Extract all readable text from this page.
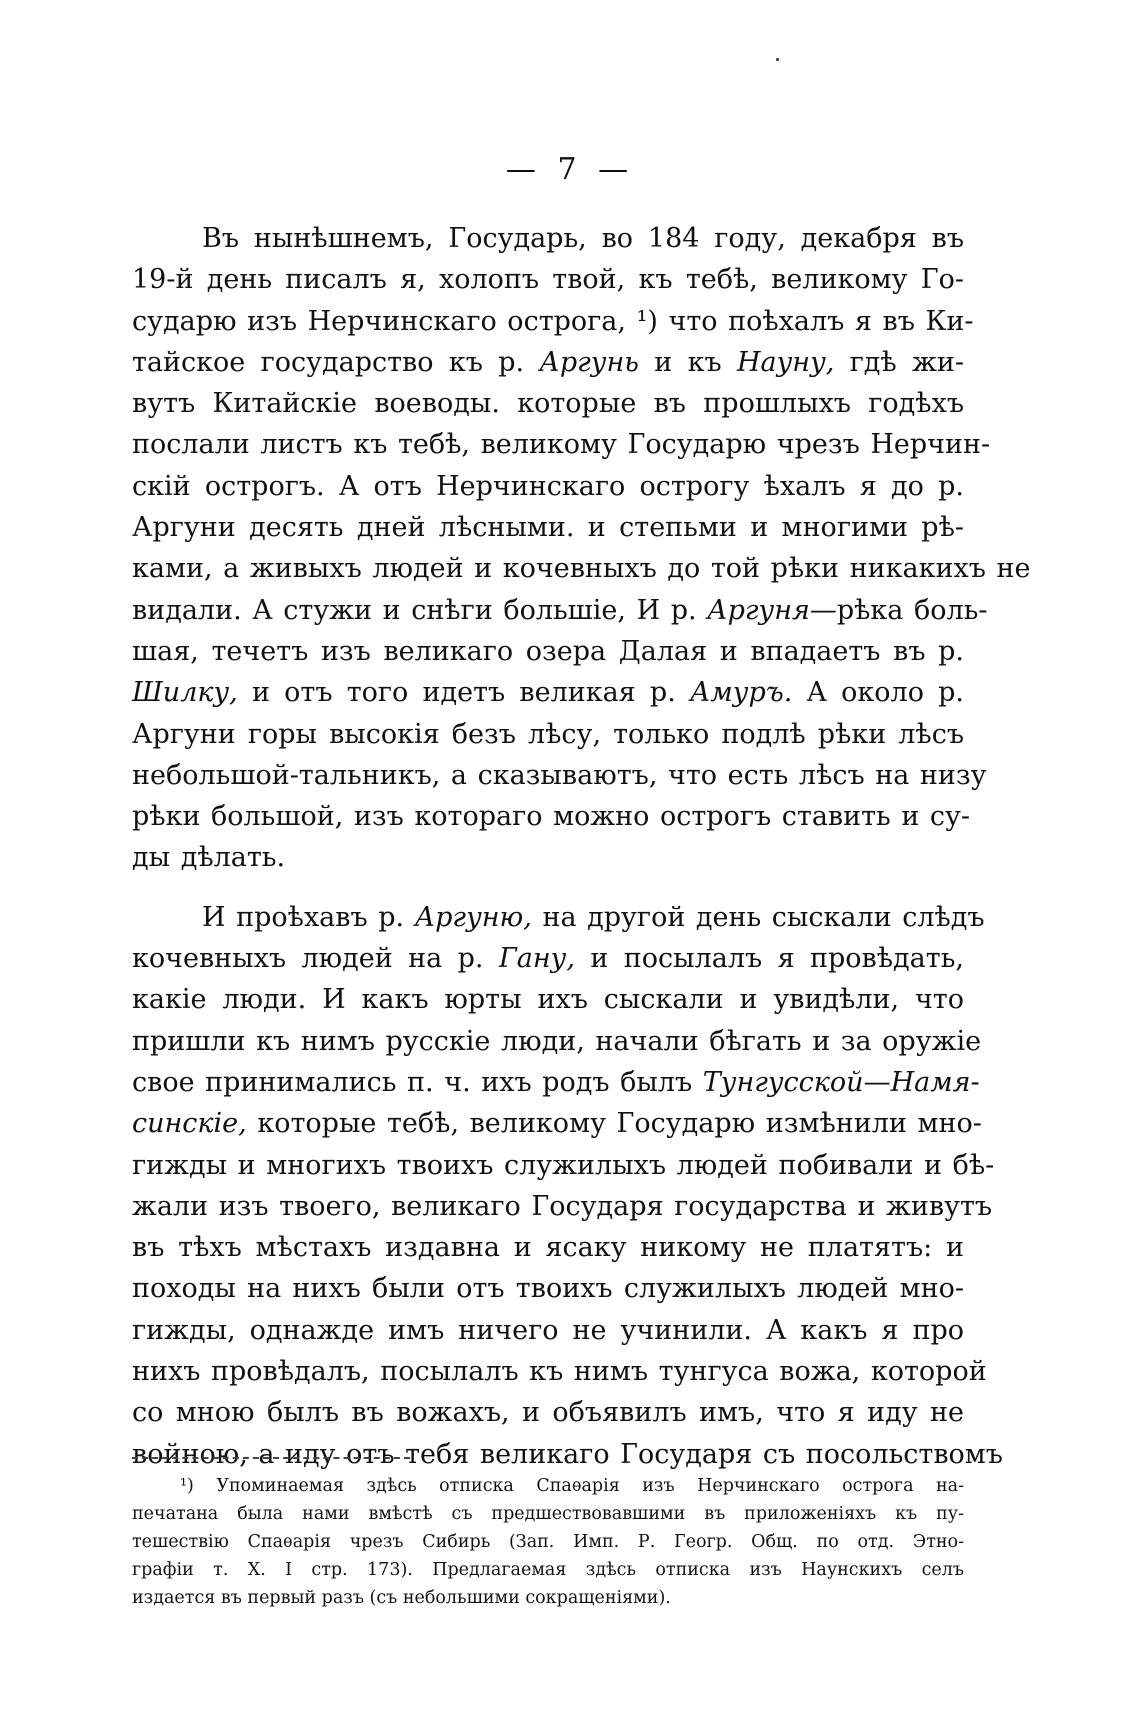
— 7 —
Въ нынѣшнемъ, Государь, во 184 году, декабря въ
19-й день писалъ я, холопъ твой, къ тебѣ, великому Го-
сударю изъ Нерчинскаго острога, ¹) что поѣхалъ я въ Ки-
тайское государство къ р. Аргунь и къ Науну, гдѣ жи-
вутъ Китайскіе воеводы. которые въ прошлыхъ годѣхъ
послали листъ къ тебѣ, великому Государю чрезъ Нерчин-
скій острогъ. А отъ Нерчинскаго острогу ѣхалъ я до р.
Аргуни десять дней лѣсными. и степьми и многими рѣ-
ками, а живыхъ людей и кочевныхъ до той рѣки никакихъ не
видали. А стужи и снѣги большіе, И р. Аргуня—рѣка боль-
шая, течетъ изъ великаго озера Далая и впадаетъ въ р.
Шилку, и отъ того идетъ великая р. Амуръ. А около р.
Аргуни горы высокія безъ лѣсу, только подлѣ рѣки лѣсъ
небольшой-тальникъ, а сказываютъ, что есть лѣсъ на низу
рѣки большой, изъ котораго можно острогъ ставить и су-
ды дѣлать.
И проѣхавъ р. Аргуню, на другой день сыскали слѣдъ
кочевныхъ людей на р. Гану, и посылалъ я провѣдать,
какіе люди. И какъ юрты ихъ сыскали и увидѣли, что
пришли къ нимъ русскіе люди, начали бѣгать и за оружіе
свое принимались п. ч. ихъ родъ былъ Тунгусской—Намя-
синскіе, которые тебѣ, великому Государю измѣнили мно-
гижды и многихъ твоихъ служилыхъ людей побивали и бѣ-
жали изъ твоего, великаго Государя государства и живутъ
въ тѣхъ мѣстахъ издавна и ясаку никому не платятъ: и
походы на нихъ были отъ твоихъ служилыхъ людей мно-
гижды, однажде имъ ничего не учинили. А какъ я про
нихъ провѣдалъ, посылалъ къ нимъ тунгуса вожа, которой
со мною былъ въ вожахъ, и объявилъ имъ, что я иду не
войною, а иду отъ тебя великаго Государя съ посольствомъ
¹) Упоминаемая здѣсь отписка Спаѳарія изъ Нерчинскаго острога на-
печатана была нами вмѣстѣ съ предшествовавшими въ приложеніяхъ къ пу-
тешествію Спаѳарія чрезъ Сибирь (Зап. Имп. Р. Геогр. Общ. по отд. Этно-
графіи т. X. I стр. 173). Предлагаемая здѣсь отписка изъ Наунскихъ селъ
издается въ первый разъ (съ небольшими сокращеніями).
